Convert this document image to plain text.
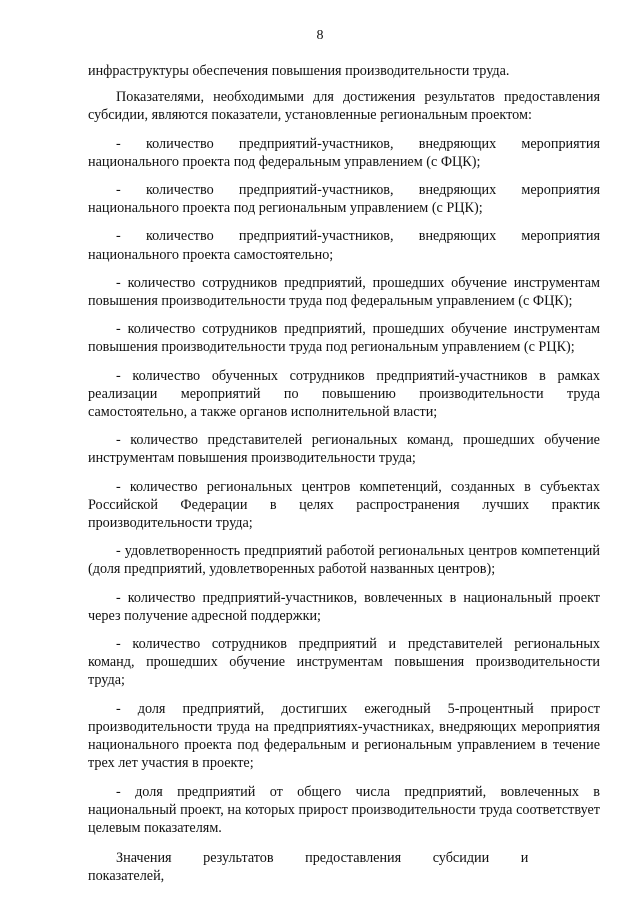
8

инфраструктуры обеспечения повышения производительности труда.

Показателями, необходимыми для достижения результатов предоставления субсидии, являются показатели, установленные региональным проектом:

- количество предприятий-участников, внедряющих мероприятия национального проекта под федеральным управлением (с ФЦК);

- количество предприятий-участников, внедряющих мероприятия национального проекта под региональным управлением (с РЦК);

- количество предприятий-участников, внедряющих мероприятия национального проекта самостоятельно;

- количество сотрудников предприятий, прошедших обучение инструментам повышения производительности труда под федеральным управлением (с ФЦК);

- количество сотрудников предприятий, прошедших обучение инструментам повышения производительности труда под региональным управлением (с РЦК);

- количество обученных сотрудников предприятий-участников в рамках реализации мероприятий по повышению производительности труда самостоятельно, а также органов исполнительной власти;

- количество представителей региональных команд, прошедших обучение инструментам повышения производительности труда;

- количество региональных центров компетенций, созданных в субъектах Российской Федерации в целях распространения лучших практик производительности труда;

- удовлетворенность предприятий работой региональных центров компетенций (доля предприятий, удовлетворенных работой названных центров);

- количество предприятий-участников, вовлеченных в национальный проект через получение адресной поддержки;

- количество сотрудников предприятий и представителей региональных команд, прошедших обучение инструментам повышения производительности труда;

- доля предприятий, достигших ежегодный 5-процентный прирост производительности труда на предприятиях-участниках, внедряющих мероприятия национального проекта под федеральным и региональным управлением в течение трех лет участия в проекте;

- доля предприятий от общего числа предприятий, вовлеченных в национальный проект, на которых прирост производительности труда соответствует целевым показателям.

Значения результатов предоставления субсидии и показателей,
